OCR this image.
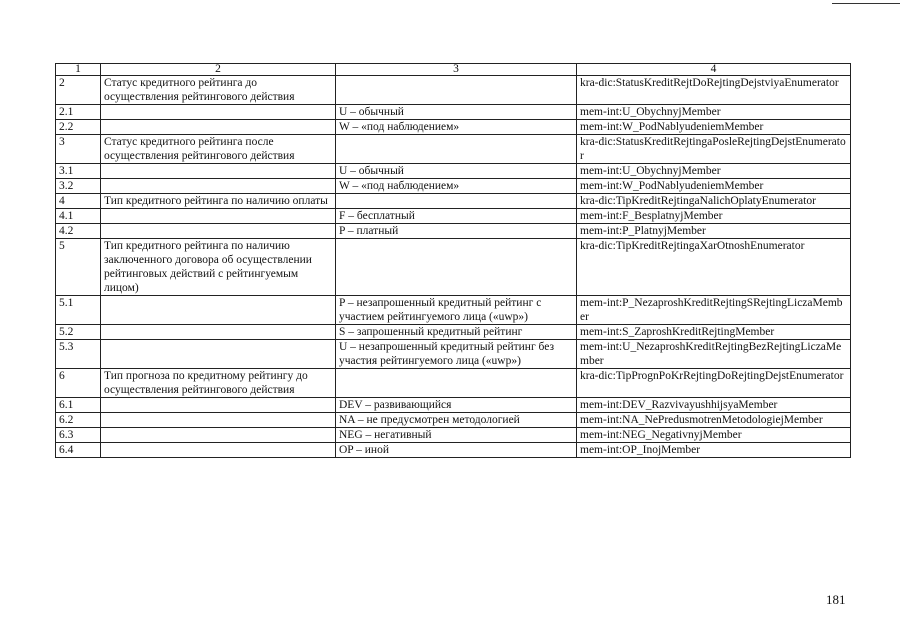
1	2	3	4
2	Статус кредитного рейтинга до осуществления рейтингового действия		kra-dic:StatusKreditRejtDoRejtingDejstviyaEnumerator
2.1		U – обычный	mem-int:U_ObychnyjMember
2.2		W – «под наблюдением»	mem-int:W_PodNablyudeniemMember
3	Статус кредитного рейтинга после осуществления рейтингового действия		kra-dic:StatusKreditRejtingaPosleRejtingDejstEnumerator
3.1		U – обычный	mem-int:U_ObychnyjMember
3.2		W – «под наблюдением»	mem-int:W_PodNablyudeniemMember
4	Тип кредитного рейтинга по наличию оплаты		kra-dic:TipKreditRejtingaNalichOplatyEnumerator
4.1		F – бесплатный	mem-int:F_BesplatnyjMember
4.2		P – платный	mem-int:P_PlatnyjMember
5	Тип кредитного рейтинга по наличию заключенного договора об осуществлении рейтинговых действий с рейтингуемым лицом)		kra-dic:TipKreditRejtingaXarOtnoshEnumerator
5.1		P – незапрошенный кредитный рейтинг с участием рейтингуемого лица («uwp»)	mem-int:P_NezaproshKreditRejtingSRejtingLiczaMember
5.2		S – запрошенный кредитный рейтинг	mem-int:S_ZaproshKreditRejtingMember
5.3		U – незапрошенный кредитный рейтинг без участия рейтингуемого лица («uwp»)	mem-int:U_NezaproshKreditRejtingBezRejtingLiczaMember
6	Тип прогноза по кредитному рейтингу до осуществления рейтингового действия		kra-dic:TipPrognPoKrRejtingDoRejtingDejstEnumerator
6.1		DEV – развивающийся	mem-int:DEV_RazvivayushhijsyaMember
6.2		NA – не предусмотрен методологией	mem-int:NA_NePredusmotrenMetodologiejMember
6.3		NEG – негативный	mem-int:NEG_NegativnyjMember
6.4		OP – иной	mem-int:OP_InojMember
181
